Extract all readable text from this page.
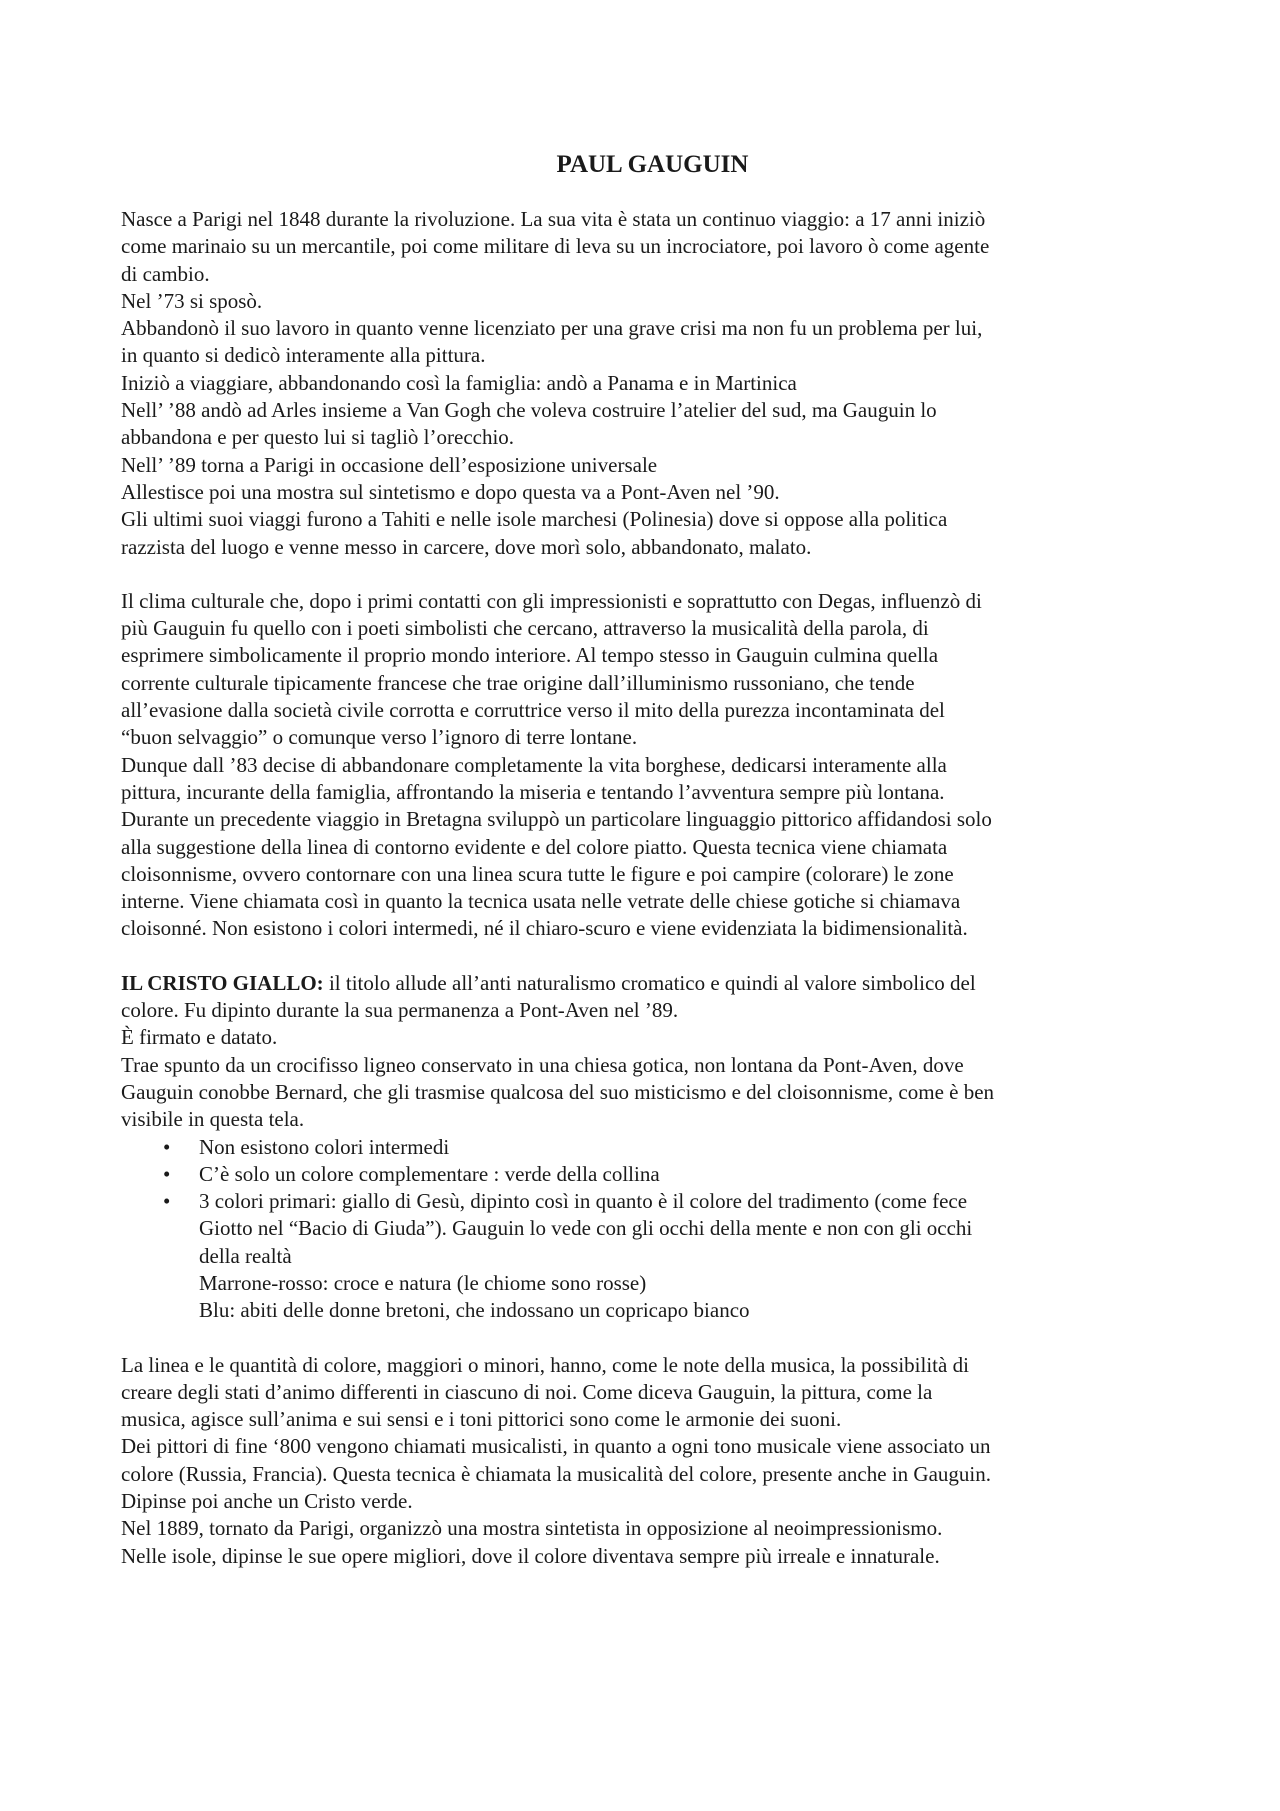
PAUL GAUGUIN
Nasce a Parigi nel 1848 durante la rivoluzione. La sua vita è stata un continuo viaggio: a 17 anni iniziò
come marinaio su un mercantile, poi come militare di leva su un incrociatore, poi lavoro ò come agente
di cambio.
Nel ’73 si sposò.
Abbandonò il suo lavoro in quanto venne licenziato per una grave crisi ma non fu un problema per lui,
in quanto si dedicò interamente alla pittura.
Iniziò a viaggiare, abbandonando così la famiglia: andò a Panama e in Martinica
Nell’ ’88 andò ad Arles insieme a Van Gogh che voleva costruire l’atelier del sud, ma Gauguin lo
abbandona e per questo lui si tagliò l’orecchio.
Nell’ ’89 torna a Parigi in occasione dell’esposizione universale
Allestisce poi una mostra sul sintetismo e dopo questa va a Pont-Aven nel ’90.
Gli ultimi suoi viaggi furono a Tahiti e nelle isole marchesi (Polinesia) dove si oppose alla politica
razzista del luogo e venne messo in carcere, dove morì solo, abbandonato, malato.
Il clima culturale che, dopo i primi contatti con gli impressionisti e soprattutto con Degas, influenzò di
più Gauguin fu quello con i poeti simbolisti che cercano, attraverso la musicalità della parola, di
esprimere simbolicamente il proprio mondo interiore. Al tempo stesso in Gauguin culmina quella
corrente culturale tipicamente francese che trae origine dall’illuminismo russoniano, che tende
all’evasione dalla società civile corrotta e corruttrice verso il mito della purezza incontaminata del
“buon selvaggio” o comunque verso l’ignoro di terre lontane.
Dunque dall ’83 decise di abbandonare completamente la vita borghese, dedicarsi interamente alla
pittura, incurante della famiglia, affrontando la miseria e tentando l’avventura sempre più lontana.
Durante un precedente viaggio in Bretagna sviluppò un particolare linguaggio pittorico affidandosi solo
alla suggestione della linea di contorno evidente e del colore piatto. Questa tecnica viene chiamata
cloisonnisme, ovvero contornare con una linea scura tutte le figure e poi campire (colorare) le zone
interne. Viene chiamata così in quanto la tecnica usata nelle vetrate delle chiese gotiche si chiamava
cloisonné. Non esistono i colori intermedi, né il chiaro-scuro e viene evidenziata la bidimensionalità.
IL CRISTO GIALLO: il titolo allude all’anti naturalismo cromatico e quindi al valore simbolico del
colore. Fu dipinto durante la sua permanenza a Pont-Aven nel ’89.
È firmato e datato.
Trae spunto da un crocifisso ligneo conservato in una chiesa gotica, non lontana da Pont-Aven, dove
Gauguin conobbe Bernard, che gli trasmise qualcosa del suo misticismo e del cloisonnisme, come è ben
visibile in questa tela.
• Non esistono colori intermedi
• C’è solo un colore complementare : verde della collina
• 3 colori primari: giallo di Gesù, dipinto così in quanto è il colore del tradimento (come fece
Giotto nel “Bacio di Giuda”). Gauguin lo vede con gli occhi della mente e non con gli occhi
della realtà
Marrone-rosso: croce e natura (le chiome sono rosse)
Blu: abiti delle donne bretoni, che indossano un copricapo bianco
La linea e le quantità di colore, maggiori o minori, hanno, come le note della musica, la possibilità di
creare degli stati d’animo differenti in ciascuno di noi. Come diceva Gauguin, la pittura, come la
musica, agisce sull’anima e sui sensi e i toni pittorici sono come le armonie dei suoni.
Dei pittori di fine ‘800 vengono chiamati musicalisti, in quanto a ogni tono musicale viene associato un
colore (Russia, Francia). Questa tecnica è chiamata la musicalità del colore, presente anche in Gauguin.
Dipinse poi anche un Cristo verde.
Nel 1889, tornato da Parigi, organizzò una mostra sintetista in opposizione al neoimpressionismo.
Nelle isole, dipinse le sue opere migliori, dove il colore diventava sempre più irreale e innaturale.
